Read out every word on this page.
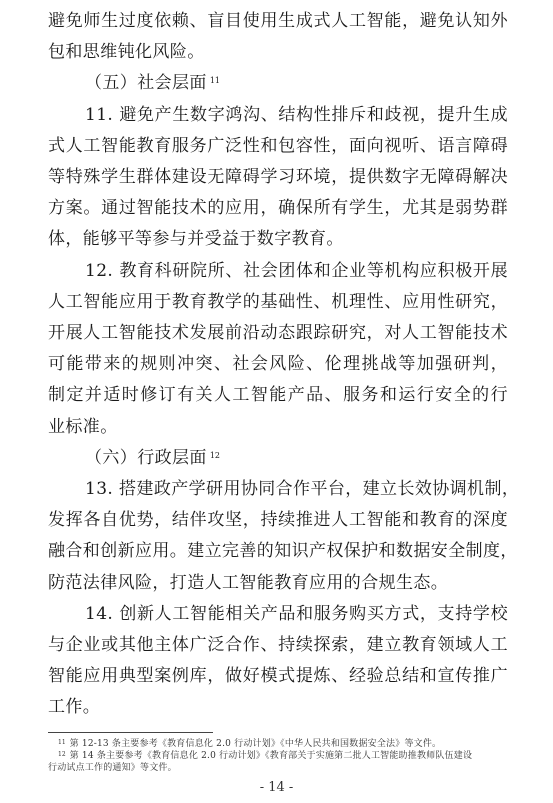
避免师生过度依赖、盲目使用生成式人工智能，避免认知外
包和思维钝化风险。
（五）社会层面 $^{11}$
11. 避免产生数字鸿沟、结构性排斥和歧视，提升生成
式人工智能教育服务广泛性和包容性，面向视听、语言障碍
等特殊学生群体建设无障碍学习环境，提供数字无障碍解决
方案。通过智能技术的应用，确保所有学生，尤其是弱势群
体，能够平等参与并受益于数字教育。
12. 教育科研院所、社会团体和企业等机构应积极开展
人工智能应用于教育教学的基础性、机理性、应用性研究，
开展人工智能技术发展前沿动态跟踪研究，对人工智能技术
可能带来的规则冲突、社会风险、伦理挑战等加强研判，
制定并适时修订有关人工智能产品、服务和运行安全的行
业标准。
（六）行政层面 $^{12}$
13. 搭建政产学研用协同合作平台，建立长效协调机制，
发挥各自优势，结伴攻坚，持续推进人工智能和教育的深度
融合和创新应用。建立完善的知识产权保护和数据安全制度，
防范法律风险，打造人工智能教育应用的合规生态。
14. 创新人工智能相关产品和服务购买方式，支持学校
与企业或其他主体广泛合作、持续探索，建立教育领域人工
智能应用典型案例库，做好模式提炼、经验总结和宣传推广
工作。
$^{11}$ 第 12-13 条主要参考《教育信息化 2.0 行动计划》《中华人民共和国数据安全法》等文件。
$^{12}$ 第 14 条主要参考《教育信息化 2.0 行动计划》《教育部关于实施第二批人工智能助推教师队伍建设
行动试点工作的通知》等文件。
- 14 -
